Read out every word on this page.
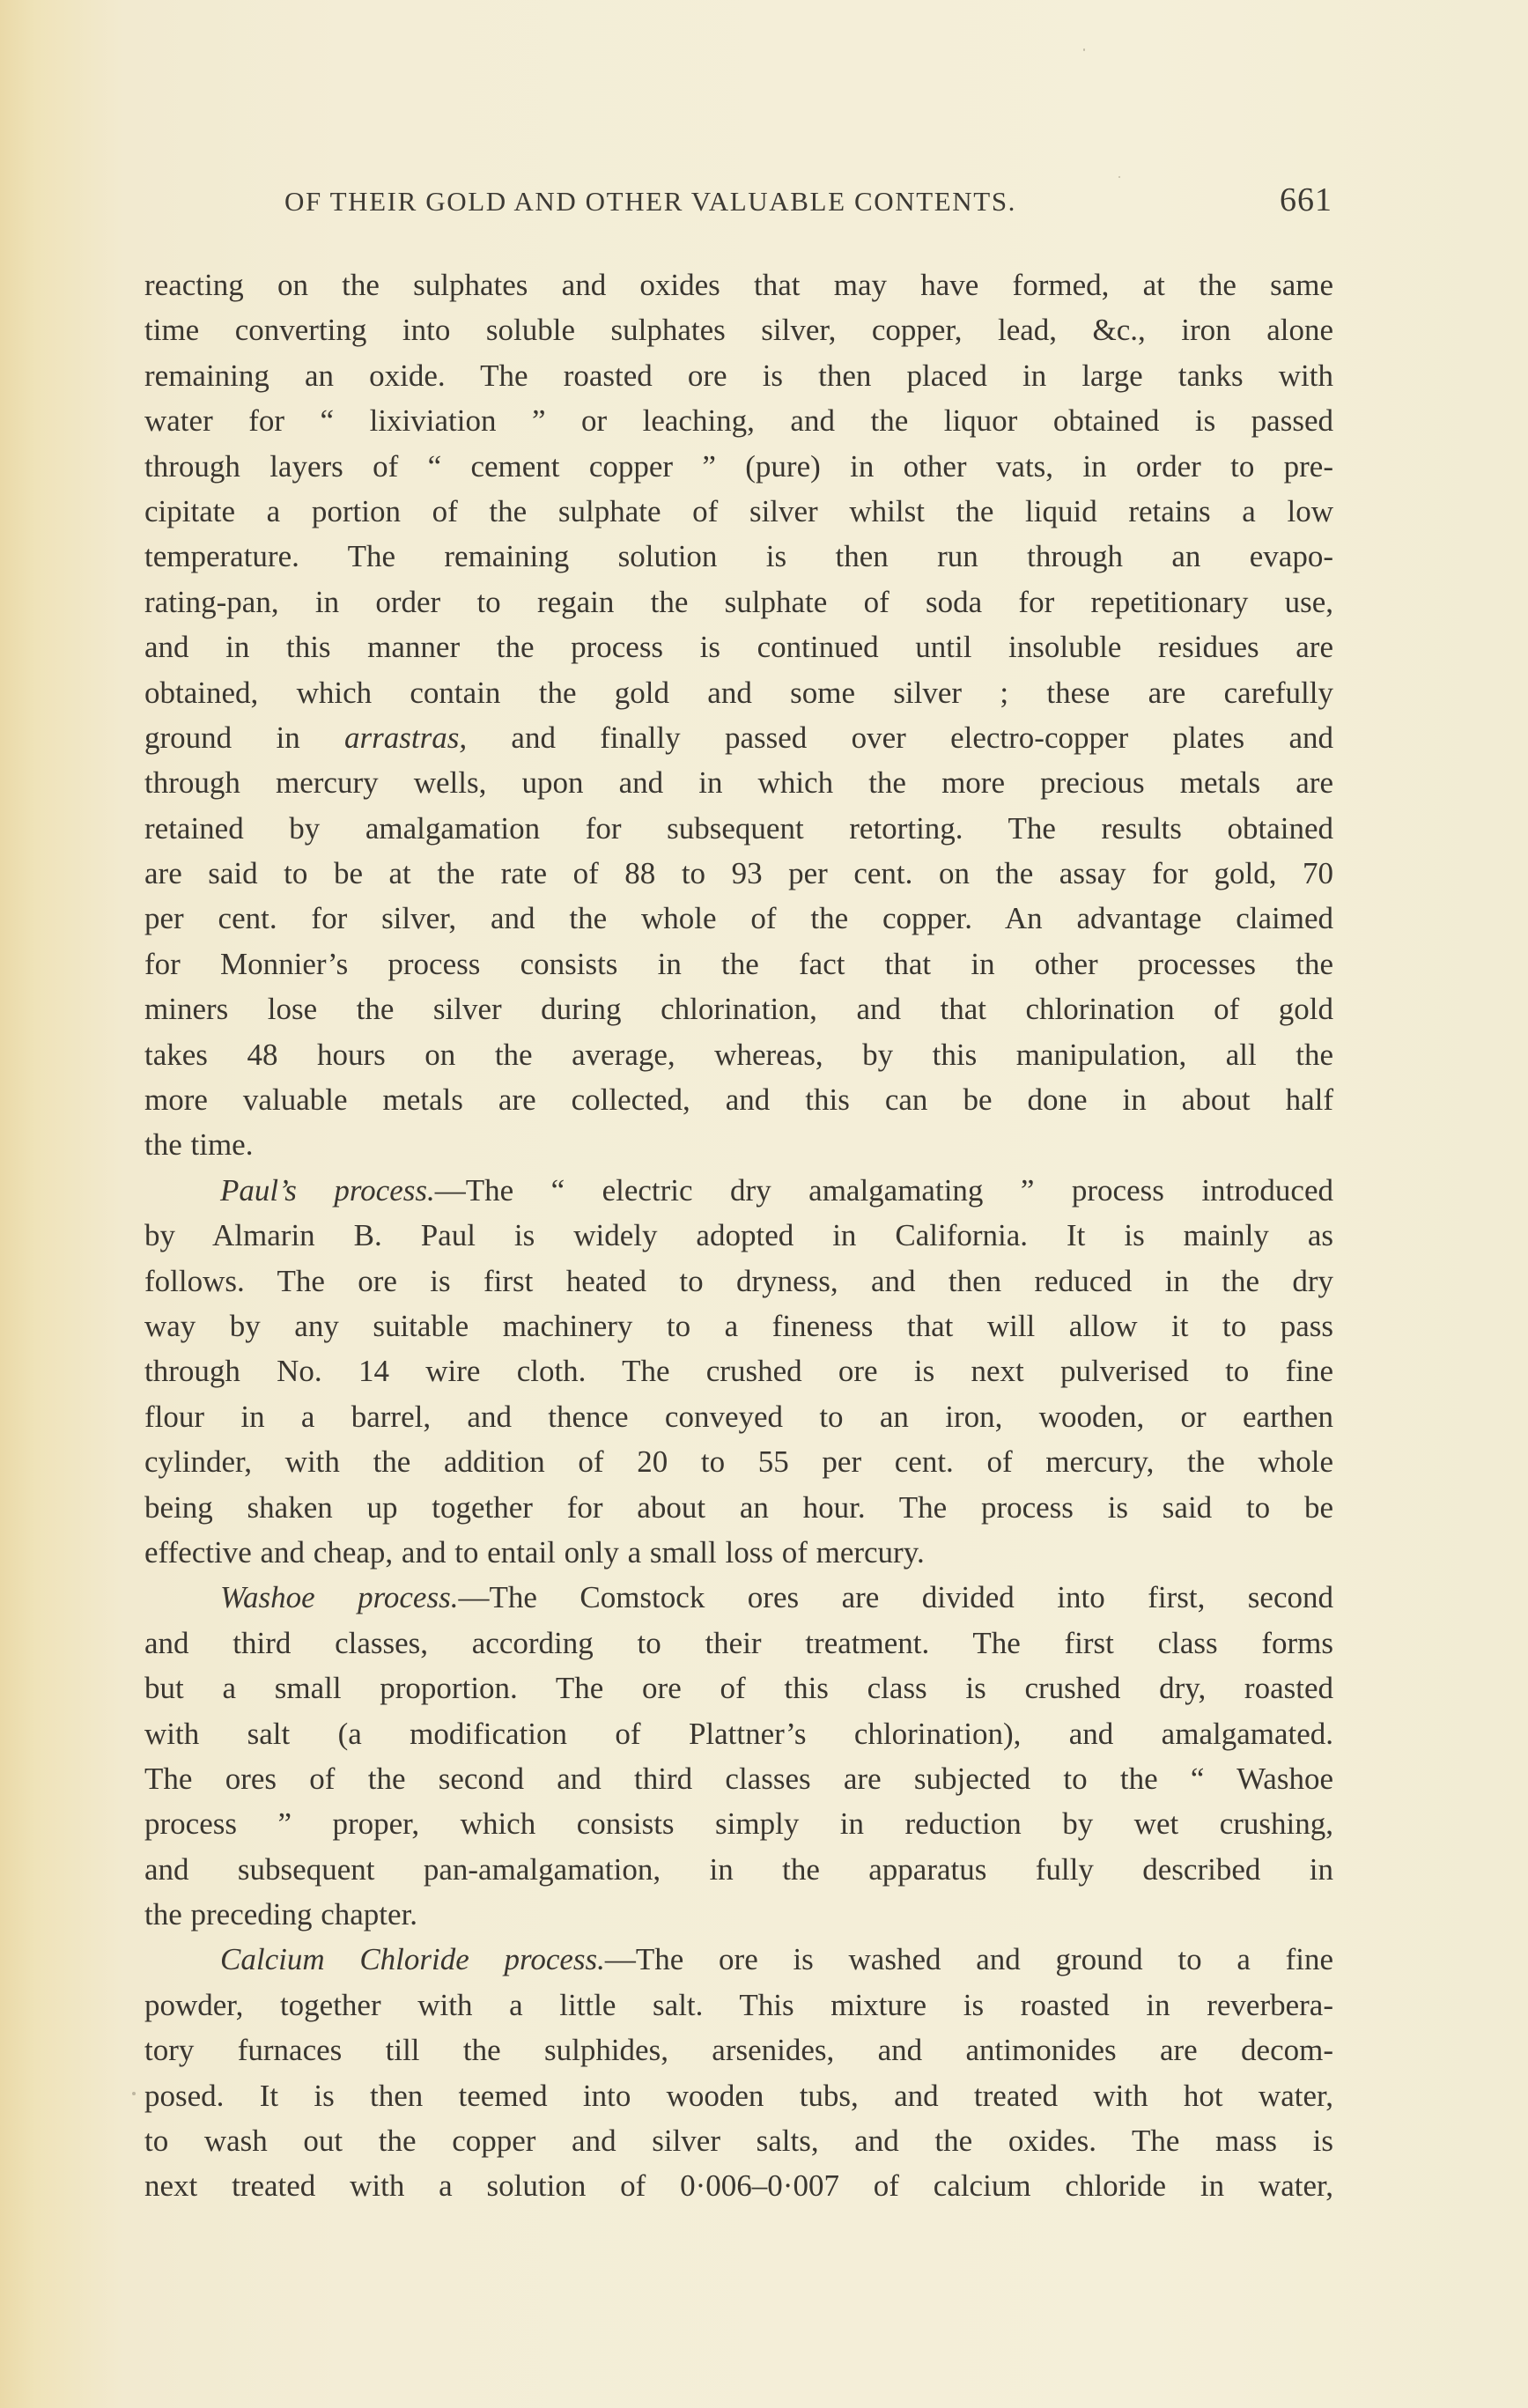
OF THEIR GOLD AND OTHER VALUABLE CONTENTS.	661
reacting on the sulphates and oxides that may have formed, at the same
time converting into soluble sulphates silver, copper, lead, &c., iron alone
remaining an oxide. The roasted ore is then placed in large tanks with
water for “ lixiviation ” or leaching, and the liquor obtained is passed
through layers of “ cement copper ” (pure) in other vats, in order to pre-
cipitate a portion of the sulphate of silver whilst the liquid retains a low
temperature. The remaining solution is then run through an evapo-
rating-pan, in order to regain the sulphate of soda for repetitionary use,
and in this manner the process is continued until insoluble residues are
obtained, which contain the gold and some silver ; these are carefully
ground in arrastras, and finally passed over electro-copper plates and
through mercury wells, upon and in which the more precious metals are
retained by amalgamation for subsequent retorting. The results obtained
are said to be at the rate of 88 to 93 per cent. on the assay for gold, 70
per cent. for silver, and the whole of the copper. An advantage claimed
for Monnier’s process consists in the fact that in other processes the
miners lose the silver during chlorination, and that chlorination of gold
takes 48 hours on the average, whereas, by this manipulation, all the
more valuable metals are collected, and this can be done in about half
the time.
Paul’s process.—The “ electric dry amalgamating ” process introduced
by Almarin B. Paul is widely adopted in California. It is mainly as
follows. The ore is first heated to dryness, and then reduced in the dry
way by any suitable machinery to a fineness that will allow it to pass
through No. 14 wire cloth. The crushed ore is next pulverised to fine
flour in a barrel, and thence conveyed to an iron, wooden, or earthen
cylinder, with the addition of 20 to 55 per cent. of mercury, the whole
being shaken up together for about an hour. The process is said to be
effective and cheap, and to entail only a small loss of mercury.
Washoe process.—The Comstock ores are divided into first, second
and third classes, according to their treatment. The first class forms
but a small proportion. The ore of this class is crushed dry, roasted
with salt (a modification of Plattner’s chlorination), and amalgamated.
The ores of the second and third classes are subjected to the “ Washoe
process ” proper, which consists simply in reduction by wet crushing,
and subsequent pan-amalgamation, in the apparatus fully described in
the preceding chapter.
Calcium Chloride process.—The ore is washed and ground to a fine
powder, together with a little salt. This mixture is roasted in reverbera-
tory furnaces till the sulphides, arsenides, and antimonides are decom-
posed. It is then teemed into wooden tubs, and treated with hot water,
to wash out the copper and silver salts, and the oxides. The mass is
next treated with a solution of 0·006–0·007 of calcium chloride in water,
